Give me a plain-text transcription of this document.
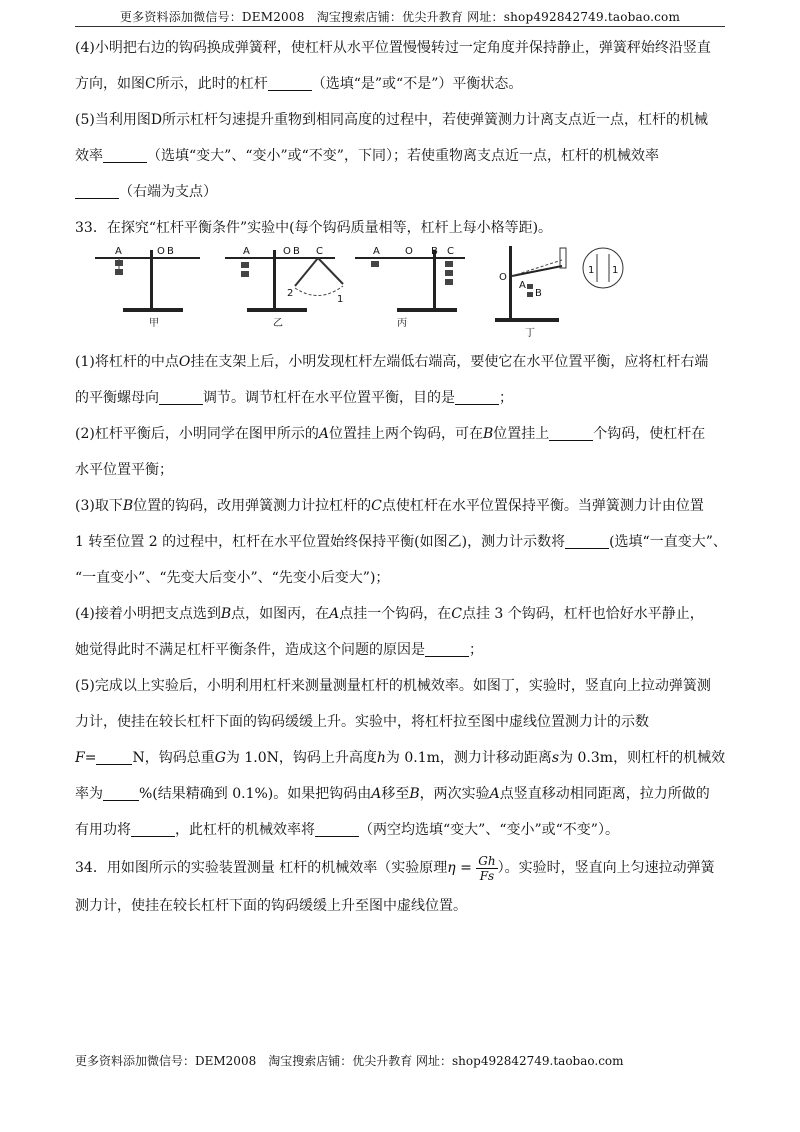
更多资料添加微信号：DEM2008　淘宝搜索店铺：优尖升教育 网址：shop492842749.taobao.com
(4)小明把右边的钩码换成弹簧秤，使杠杆从水平位置慢慢转过一定角度并保持静止，弹簧秤始终沿竖直
方向，如图C所示，此时的杠杆	（选填“是”或“不是”）平衡状态。
(5)当利用图D所示杠杆匀速提升重物到相同高度的过程中，若使弹簧测力计离支点近一点，杠杆的机械
效率	（选填“变大”、“变小”或“不变”，下同）；若使重物离支点近一点，杠杆的机械效率
（右端为支点）
33．在探究“杠杆平衡条件”实验中(每个钩码质量相等，杠杆上每小格等距)。
A	O B
甲
A	O B C
2
1
乙
A	O B C
丙
O
A
B
1 1
丁
(1)将杠杆的中点O挂在支架上后，小明发现杠杆左端低右端高，要使它在水平位置平衡，应将杠杆右端
的平衡螺母向	调节。调节杠杆在水平位置平衡，目的是	；
(2)杠杆平衡后，小明同学在图甲所示的A位置挂上两个钩码，可在B位置挂上	个钩码，使杠杆在
水平位置平衡；
(3)取下B位置的钩码，改用弹簧测力计拉杠杆的C点使杠杆在水平位置保持平衡。当弹簧测力计由位置
1 转至位置 2 的过程中，杠杆在水平位置始终保持平衡(如图乙)，测力计示数将	(选填“一直变大”、
“一直变小”、“先变大后变小”、“先变小后变大”)；
(4)接着小明把支点选到B点，如图丙，在A点挂一个钩码，在C点挂 3 个钩码，杠杆也恰好水平静止，
她觉得此时不满足杠杆平衡条件，造成这个问题的原因是	；
(5)完成以上实验后，小明利用杠杆来测量测量杠杆的机械效率。如图丁，实验时，竖直向上拉动弹簧测
力计，使挂在较长杠杆下面的钩码缓缓上升。实验中，将杠杆拉至图中虚线位置测力计的示数
F=	N，钩码总重G为 1.0N，钩码上升高度h为 0.1m，测力计移动距离s为 0.3m，则杠杆的机械效
率为	%(结果精确到 0.1%)。如果把钩码由A移至B，两次实验A点竖直移动相同距离，拉力所做的
有用功将	，此杠杆的机械效率将	（两空均选填“变大”、“变小”或“不变”）。
34．用如图所示的实验装置测量 杠杆的机械效率（实验原理$\eta = \frac{Gh}{Fs}$ ）。实验时，竖直向上匀速拉动弹簧
测力计，使挂在较长杠杆下面的钩码缓缓上升至图中虚线位置。
更多资料添加微信号：DEM2008　淘宝搜索店铺：优尖升教育 网址：shop492842749.taobao.com
